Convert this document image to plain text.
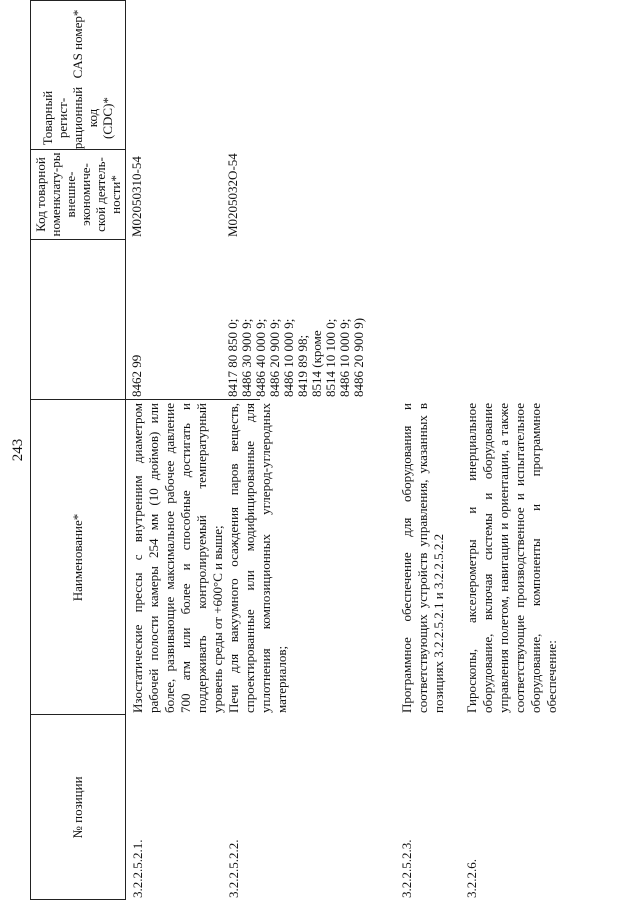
243
№ позиции
Наименование*
Код товарной номенклату-ры внешне-экономиче-ской деятель-ности*
Товарный регист-рационный код (CDC)*
CAS номер*
3.2.2.5.2.1.
Изостатические прессы с внутренним диаметром рабочей полости камеры 254 мм (10 дюймов) или более, развивающие максимальное рабочее давление 700 атм или более и способные достигать и поддерживать контролируемый температурный уровень среды от +600°C и выше;
8462 99
M02050310-54
3.2.2.5.2.2.
Печи для вакуумного осаждения паров веществ, спроектированные или модифицированные для уплотнения композиционных углерод-углеродных материалов;
8417 80 850 0; 8486 30 900 9; 8486 40 000 9; 8486 20 900 9; 8486 10 000 9; 8419 89 98; 8514 (кроме 8514 10 100 0; 8486 10 000 9; 8486 20 900 9)
M0205032О-54
3.2.2.5.2.3.
Программное обеспечение для оборудования и соответствующих устройств управления, указанных в позициях 3.2.2.5.2.1 и 3.2.2.5.2.2
3.2.2.6.
Гироскопы, акселерометры и инерциальное оборудование, включая системы и оборудование управления полетом, навигации и ориентации, а также соответствующие производственное и испытательное оборудование, компоненты и программное обеспечение:
